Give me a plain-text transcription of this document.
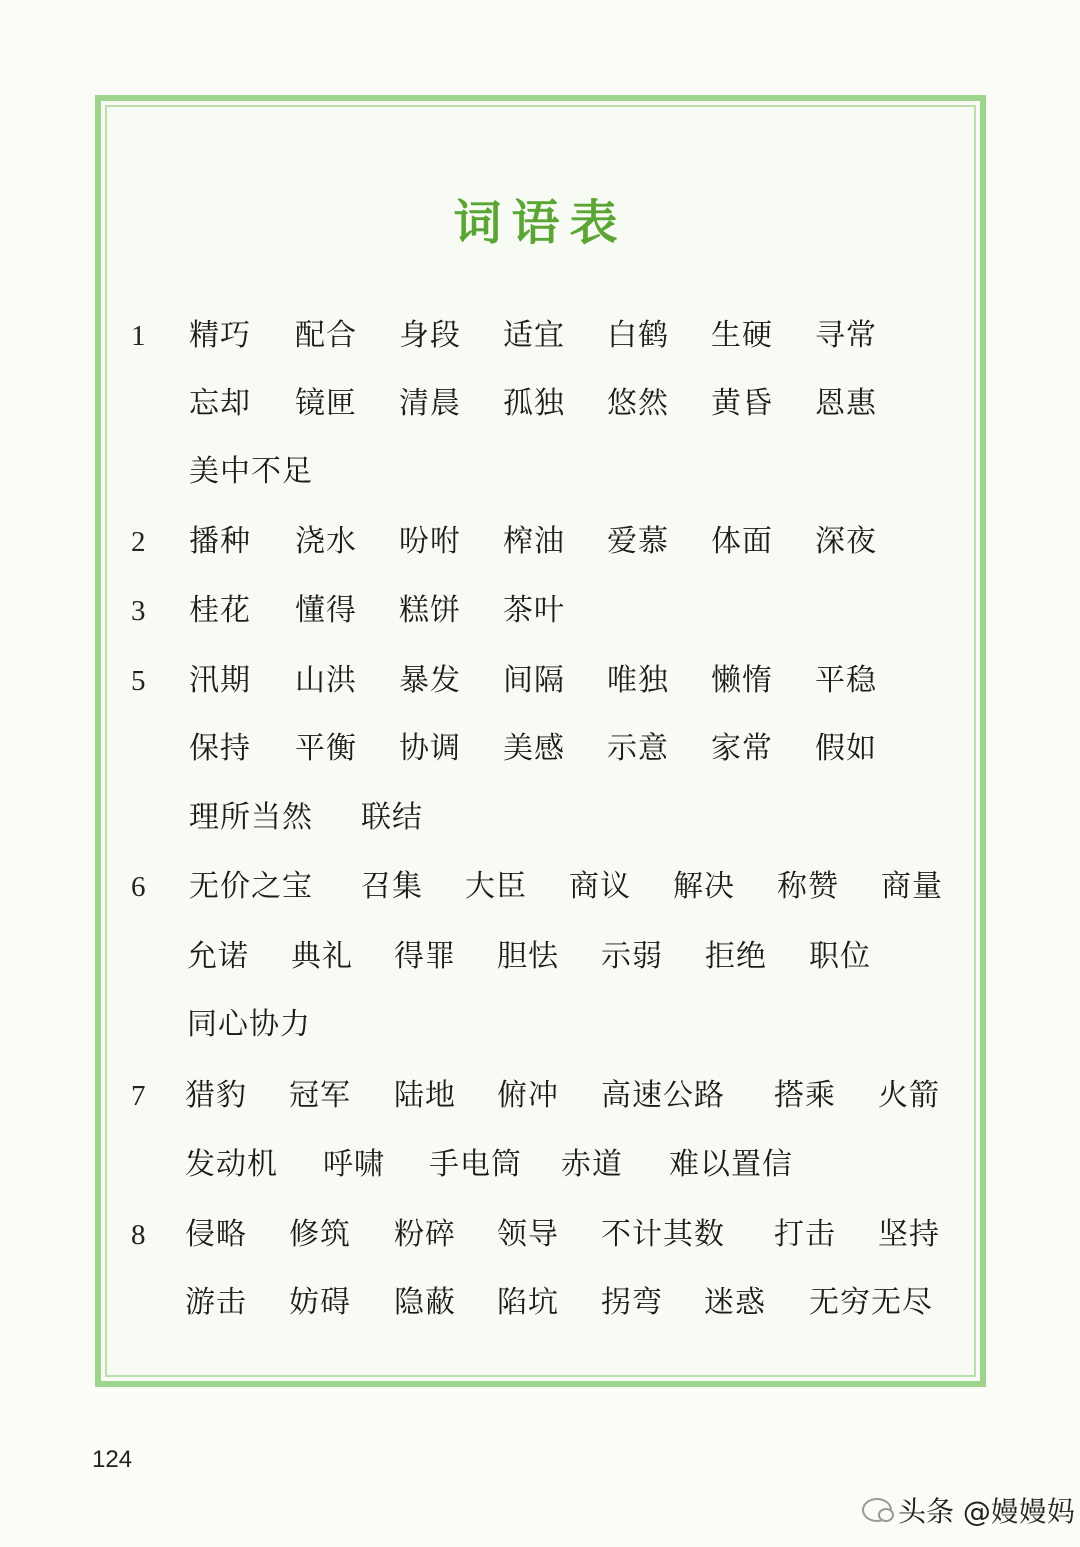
词语表
1	精巧 配合 身段 适宜 白鹤 生硬 寻常
忘却 镜匣 清晨 孤独 悠然 黄昏 恩惠
美中不足
2	播种 浇水 吩咐 榨油 爱慕 体面 深夜
3	桂花 懂得 糕饼 茶叶
5	汛期 山洪 暴发 间隔 唯独 懒惰 平稳
保持 平衡 协调 美感 示意 家常 假如
理所当然 联结
6	无价之宝 召集 大臣 商议 解决 称赞 商量
允诺 典礼 得罪 胆怯 示弱 拒绝 职位
同心协力
7	猎豹 冠军 陆地 俯冲 高速公路 搭乘 火箭
发动机 呼啸 手电筒 赤道 难以置信
8	侵略 修筑 粉碎 领导 不计其数 打击 坚持
游击 妨碍 隐蔽 陷坑 拐弯 迷惑 无穷无尽
124
头条 @嫚嫚妈
